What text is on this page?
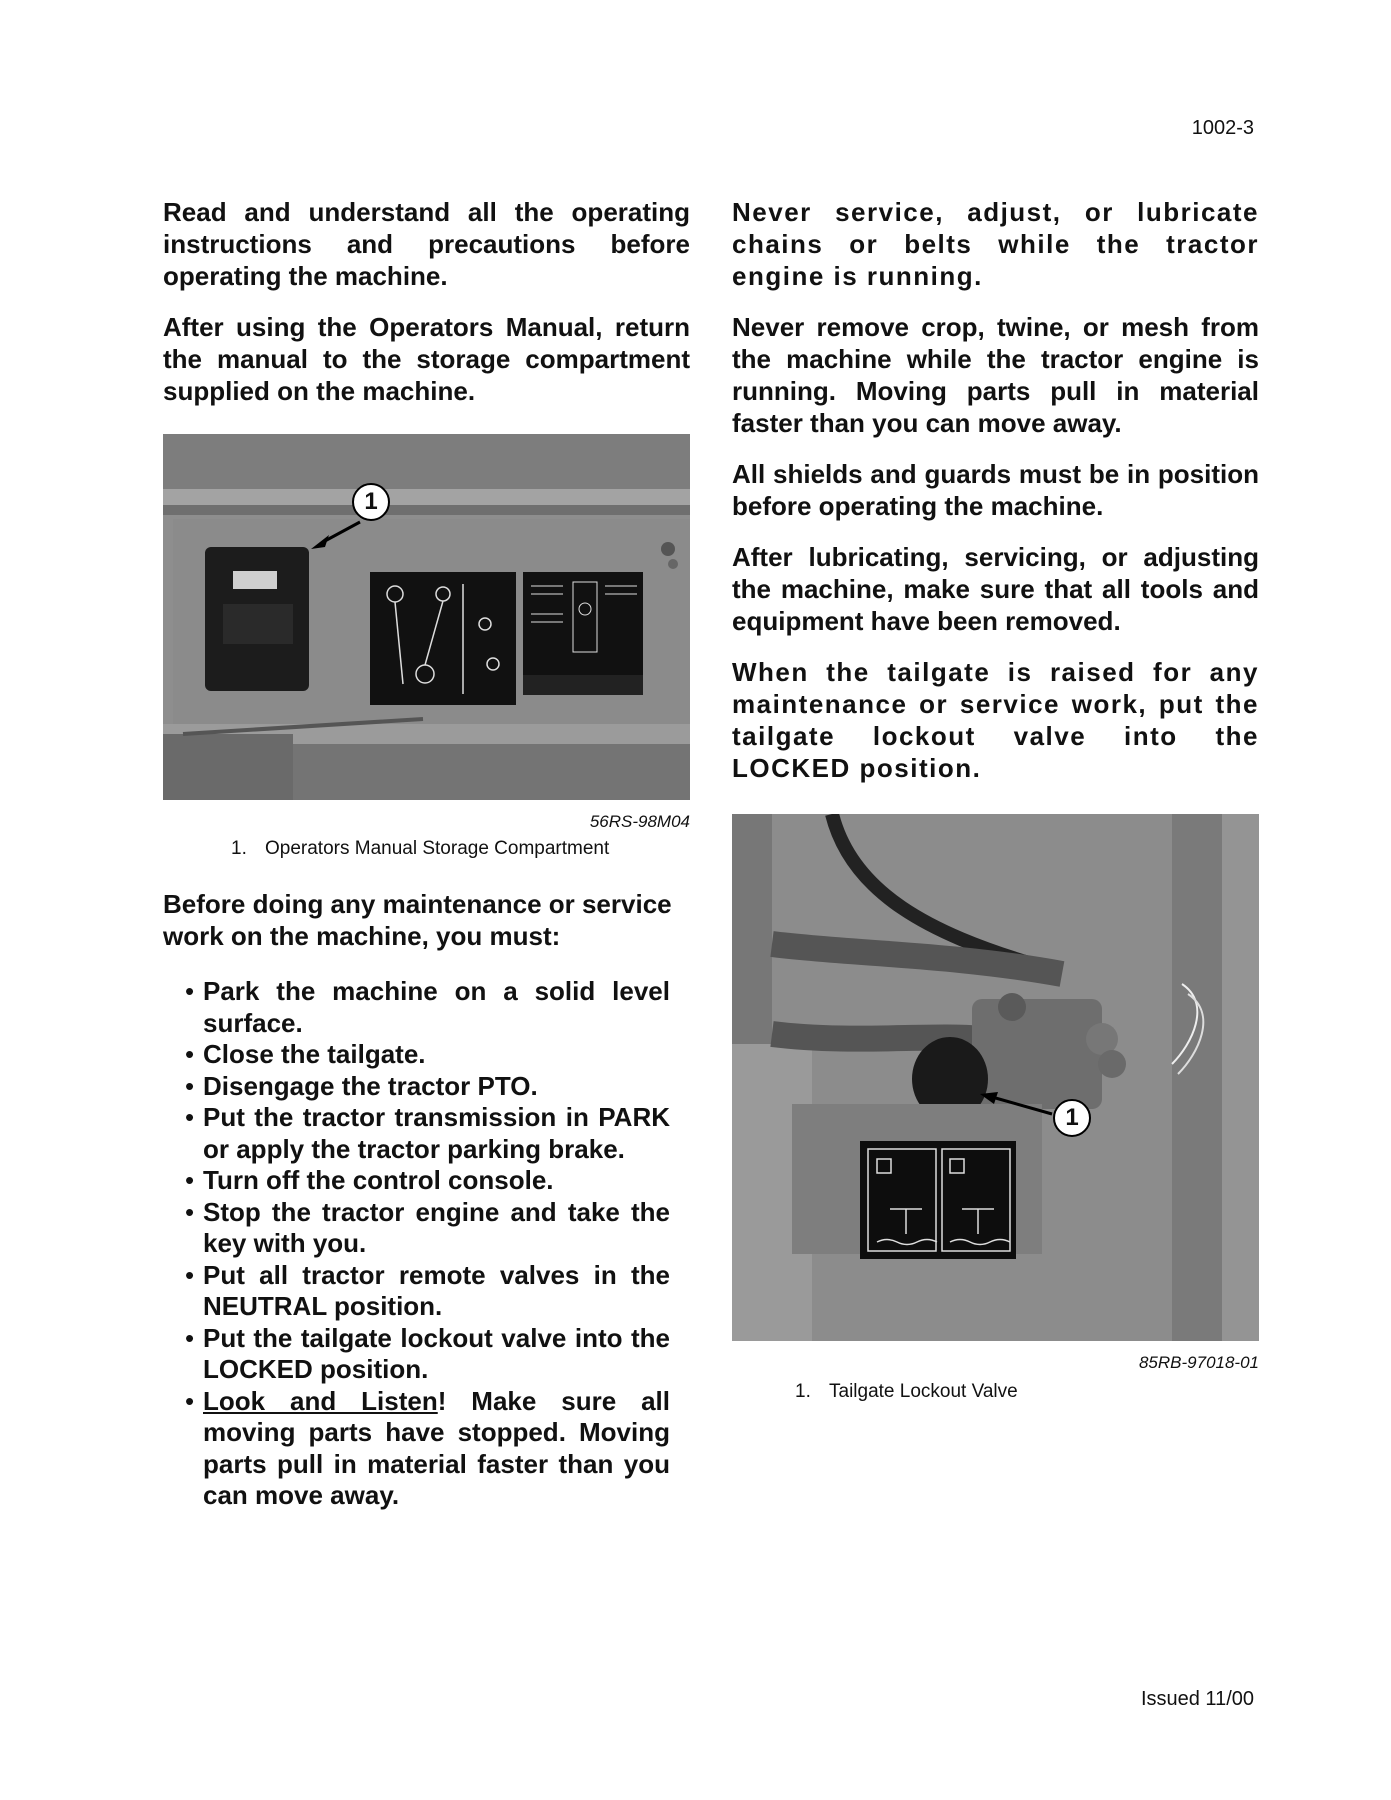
1002-3

Read and understand all the operating instructions and precautions before operating the machine.

After using the Operators Manual, return the manual to the storage compartment supplied on the machine.

1
56RS-98M04
1. Operators Manual Storage Compartment
Before doing any maintenance or service work on the machine, you must:
• Park the machine on a solid level surface.
• Close the tailgate.
• Disengage the tractor PTO.
• Put the tractor transmission in PARK or apply the tractor parking brake.
• Turn off the control console.
• Stop the tractor engine and take the key with you.
• Put all tractor remote valves in the NEUTRAL position.
• Put the tailgate lockout valve into the LOCKED position.
• Look and Listen! Make sure all moving parts have stopped. Moving parts pull in material faster than you can move away.

Never service, adjust, or lubricate chains or belts while the tractor engine is running.

Never remove crop, twine, or mesh from the machine while the tractor engine is running. Moving parts pull in material faster than you can move away.

All shields and guards must be in position before operating the machine.

After lubricating, servicing, or adjusting the machine, make sure that all tools and equipment have been removed.

When the tailgate is raised for any maintenance or service work, put the tailgate lockout valve into the LOCKED position.

1
85RB-97018-01
1. Tailgate Lockout Valve
Issued 11/00
